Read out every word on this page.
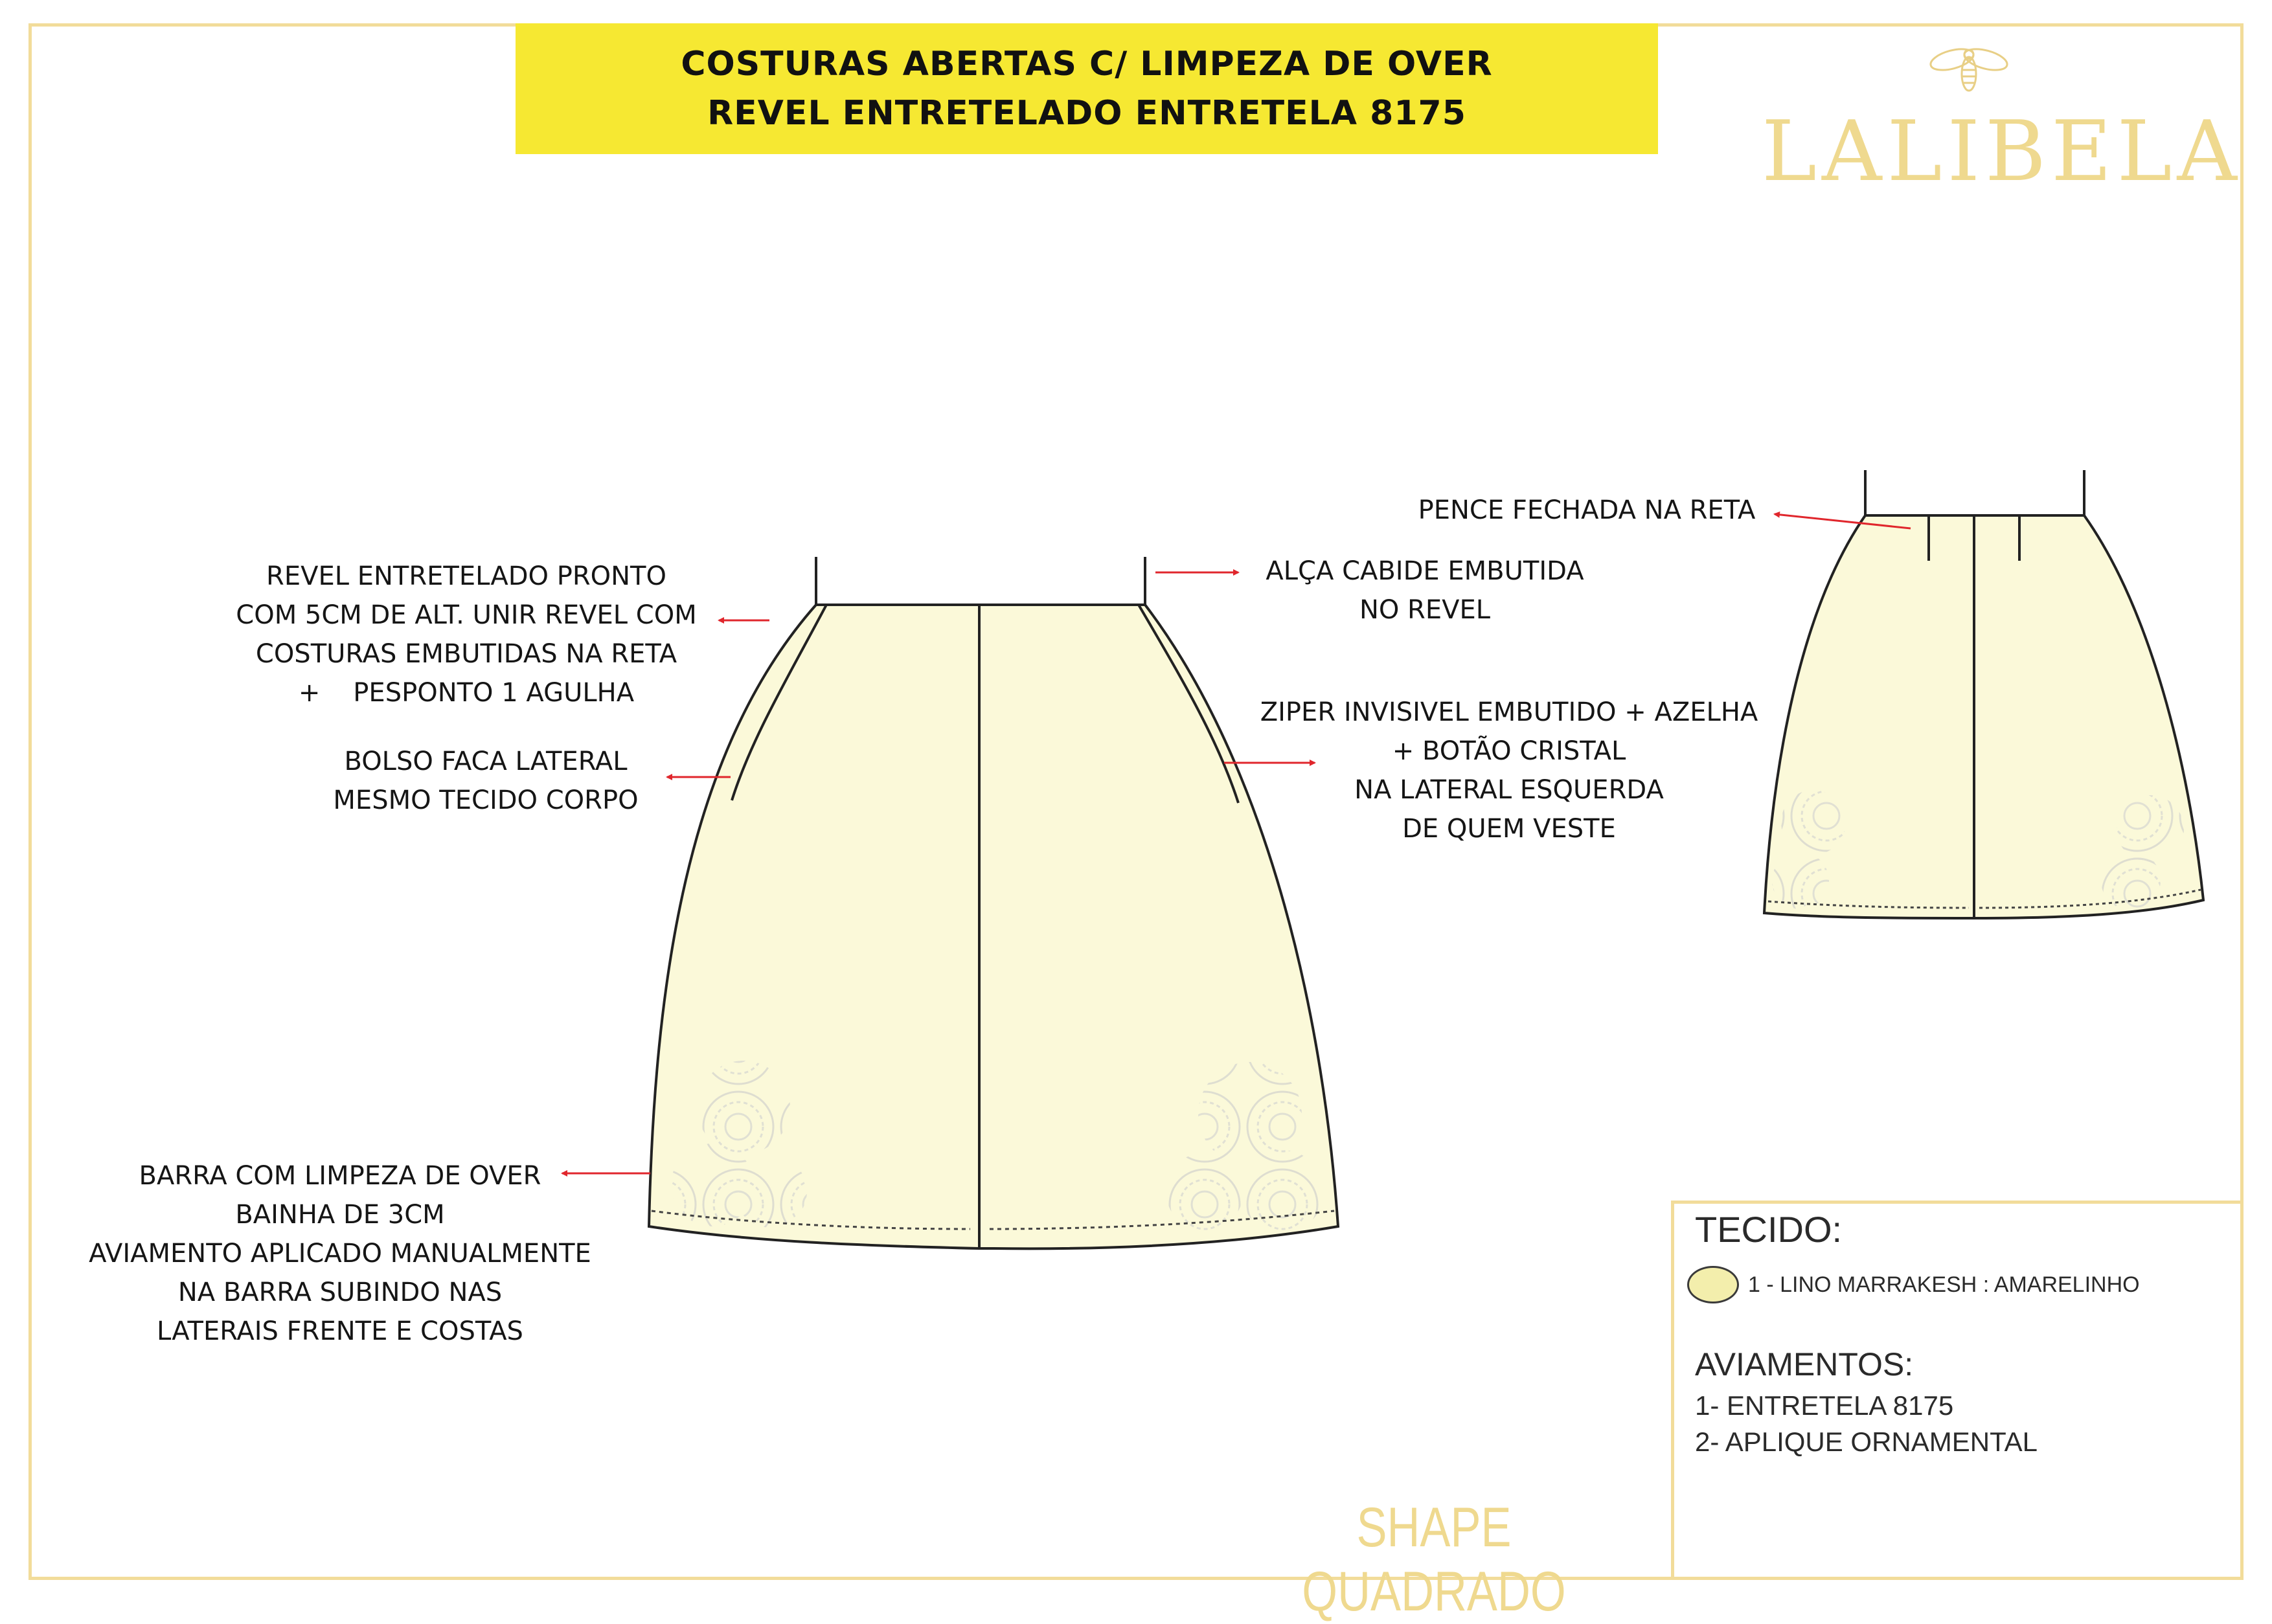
COSTURAS ABERTAS C/ LIMPEZA DE OVER
REVEL ENTRETELADO ENTRETELA 8175	LALIBELA
REVEL ENTRETELADO PRONTO
COM 5CM DE ALT. UNIR REVEL COM
COSTURAS EMBUTIDAS NA RETA
+    PESPONTO 1 AGULHA
BOLSO FACA LATERAL
MESMO TECIDO CORPO
BARRA COM LIMPEZA DE OVER
BAINHA DE 3CM
AVIAMENTO APLICADO MANUALMENTE
NA BARRA SUBINDO NAS
LATERAIS FRENTE E COSTAS
ALÇA CABIDE EMBUTIDA
NO REVEL
ZIPER INVISIVEL EMBUTIDO + AZELHA
+ BOTÃO CRISTAL
NA LATERAL ESQUERDA
DE QUEM VESTE
PENCE FECHADA NA RETA
TECIDO:
1 - LINO MARRAKESH : AMARELINHO
AVIAMENTOS:
1- ENTRETELA 8175
2- APLIQUE ORNAMENTAL
SHAPE QUADRADO
